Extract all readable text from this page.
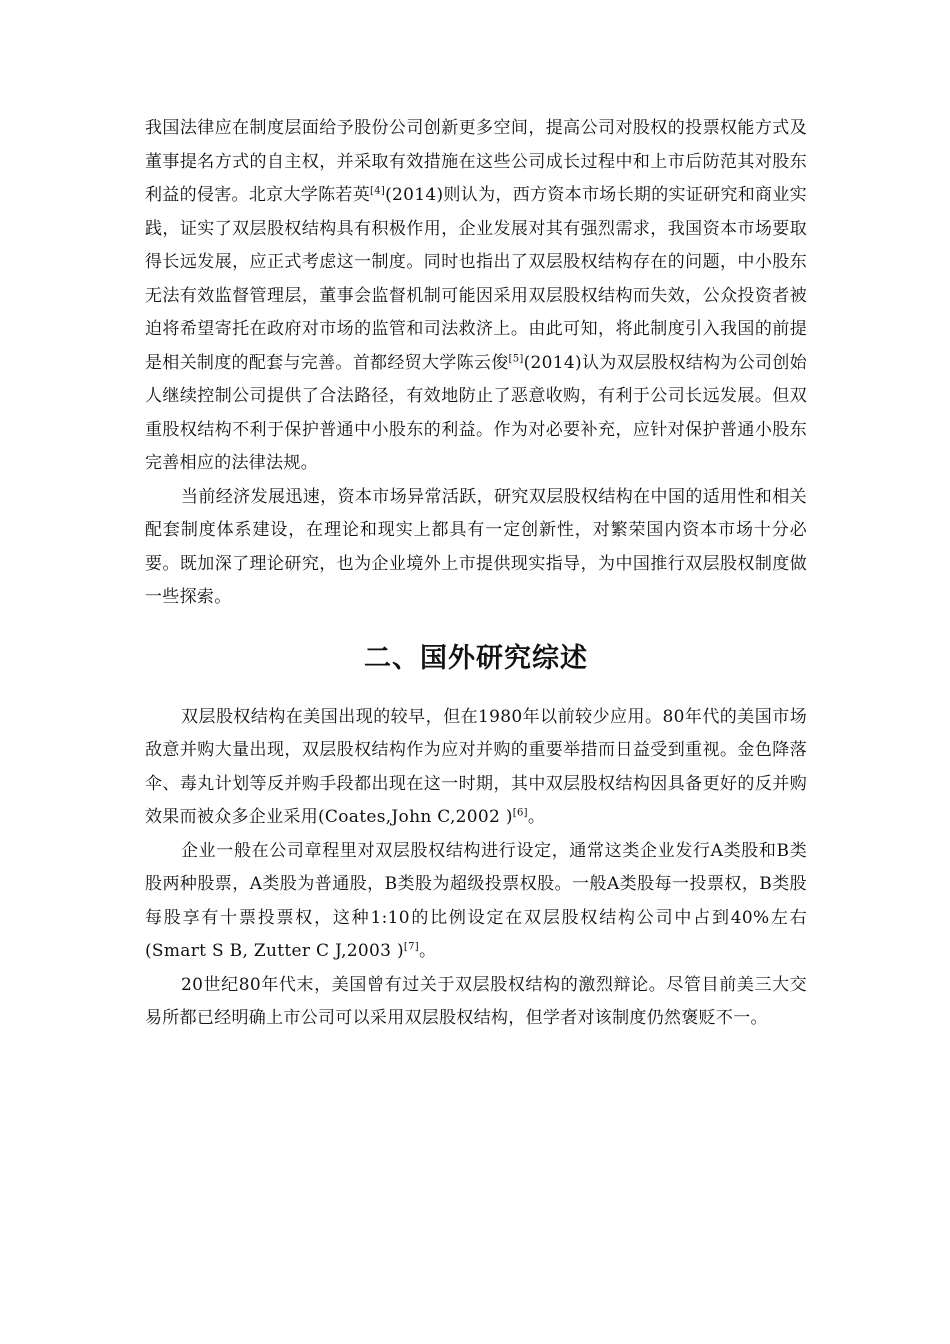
我国法律应在制度层面给予股份公司创新更多空间，提高公司对股权的投票权能方式及董事提名方式的自主权，并采取有效措施在这些公司成长过程中和上市后防范其对股东利益的侵害。北京大学陈若英[4](2014)则认为，西方资本市场长期的实证研究和商业实践，证实了双层股权结构具有积极作用，企业发展对其有强烈需求，我国资本市场要取得长远发展，应正式考虑这一制度。同时也指出了双层股权结构存在的问题，中小股东无法有效监督管理层，董事会监督机制可能因采用双层股权结构而失效，公众投资者被迫将希望寄托在政府对市场的监管和司法救济上。由此可知，将此制度引入我国的前提是相关制度的配套与完善。首都经贸大学陈云俊[5](2014)认为双层股权结构为公司创始人继续控制公司提供了合法路径，有效地防止了恶意收购，有利于公司长远发展。但双重股权结构不利于保护普通中小股东的利益。作为对必要补充，应针对保护普通小股东完善相应的法律法规。

当前经济发展迅速，资本市场异常活跃，研究双层股权结构在中国的适用性和相关配套制度体系建设，在理论和现实上都具有一定创新性，对繁荣国内资本市场十分必要。既加深了理论研究，也为企业境外上市提供现实指导，为中国推行双层股权制度做一些探索。

二、国外研究综述

双层股权结构在美国出现的较早，但在1980年以前较少应用。80年代的美国市场敌意并购大量出现，双层股权结构作为应对并购的重要举措而日益受到重视。金色降落伞、毒丸计划等反并购手段都出现在这一时期，其中双层股权结构因具备更好的反并购效果而被众多企业采用(Coates,John C,2002 )[6]。

企业一般在公司章程里对双层股权结构进行设定，通常这类企业发行A类股和B类股两种股票，A类股为普通股，B类股为超级投票权股。一般A类股每一投票权，B类股每股享有十票投票权，这种1:10的比例设定在双层股权结构公司中占到40%左右(Smart S B, Zutter C J,2003 )[7]。

20世纪80年代末，美国曾有过关于双层股权结构的激烈辩论。尽管目前美三大交易所都已经明确上市公司可以采用双层股权结构，但学者对该制度仍然褒贬不一。
